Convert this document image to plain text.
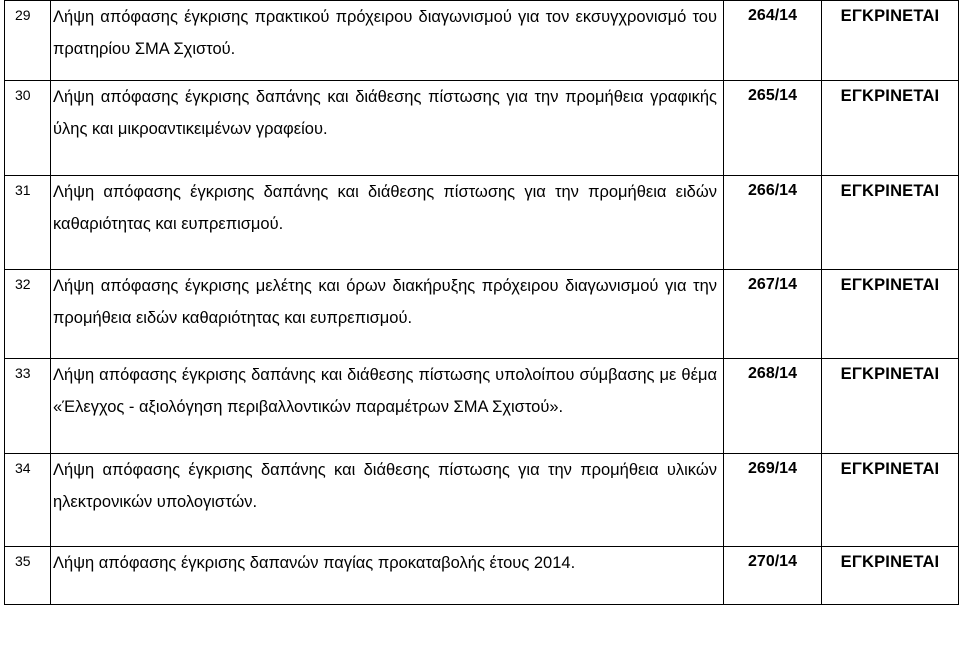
29	Λήψη απόφασης έγκρισης πρακτικού πρόχειρου διαγωνισμού για τον εκσυγχρονισμό του πρατηρίου ΣΜΑ Σχιστού.	264/14	ΕΓΚΡΙΝΕΤΑΙ
30	Λήψη απόφασης έγκρισης δαπάνης και διάθεσης πίστωσης για την προμήθεια γραφικής ύλης και μικροαντικειμένων γραφείου.	265/14	ΕΓΚΡΙΝΕΤΑΙ
31	Λήψη απόφασης έγκρισης δαπάνης και διάθεσης πίστωσης για την προμήθεια ειδών καθαριότητας και ευπρεπισμού.	266/14	ΕΓΚΡΙΝΕΤΑΙ
32	Λήψη απόφασης έγκρισης μελέτης και όρων διακήρυξης πρόχειρου διαγωνισμού για την προμήθεια ειδών καθαριότητας και ευπρεπισμού.	267/14	ΕΓΚΡΙΝΕΤΑΙ
33	Λήψη απόφασης έγκρισης δαπάνης και διάθεσης πίστωσης υπολοίπου σύμβασης με θέμα «Έλεγχος - αξιολόγηση περιβαλλοντικών παραμέτρων ΣΜΑ Σχιστού».	268/14	ΕΓΚΡΙΝΕΤΑΙ
34	Λήψη απόφασης έγκρισης δαπάνης και διάθεσης πίστωσης για την προμήθεια υλικών ηλεκτρονικών υπολογιστών.	269/14	ΕΓΚΡΙΝΕΤΑΙ
35	Λήψη απόφασης έγκρισης δαπανών παγίας προκαταβολής έτους 2014.	270/14	ΕΓΚΡΙΝΕΤΑΙ
